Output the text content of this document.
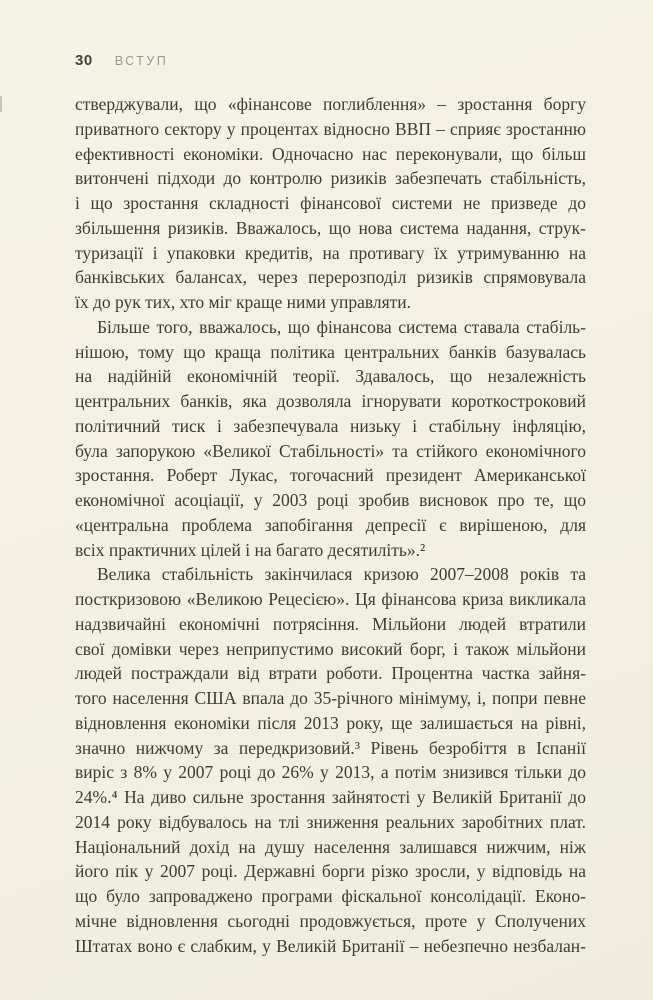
30 ВСТУП
стверджували, що «фінансове поглиблення» – зростання боргу
приватного сектору у процентах відносно ВВП – сприяє зростанню
ефективності економіки. Одночасно нас переконували, що більш
витончені підходи до контролю ризиків забезпечать стабільність,
і що зростання складності фінансової системи не призведе до
збільшення ризиків. Вважалось, що нова система надання, струк-
туризації і упаковки кредитів, на противагу їх утримуванню на
банківських балансах, через перерозподіл ризиків спрямовувала
їх до рук тих, хто міг краще ними управляти.
Більше того, вважалось, що фінансова система ставала стабіль-
нішою, тому що краща політика центральних банків базувалась
на надійній економічній теорії. Здавалось, що незалежність
центральних банків, яка дозволяла ігнорувати короткостроковий
політичний тиск і забезпечувала низьку і стабільну інфляцію,
була запорукою «Великої Стабільності» та стійкого економічного
зростання. Роберт Лукас, тогочасний президент Американської
економічної асоціації, у 2003 році зробив висновок про те, що
«центральна проблема запобігання депресії є вирішеною, для
всіх практичних цілей і на багато десятиліть».²
Велика стабільність закінчилася кризою 2007–2008 років та
посткризовою «Великою Рецесією». Ця фінансова криза викликала
надзвичайні економічні потрясіння. Мільйони людей втратили
свої домівки через неприпустимо високий борг, і також мільйони
людей постраждали від втрати роботи. Процентна частка зайня-
того населення США впала до 35-річного мінімуму, і, попри певне
відновлення економіки після 2013 року, ще залишається на рівні,
значно нижчому за передкризовий.³ Рівень безробіття в Іспанії
виріс з 8% у 2007 році до 26% у 2013, а потім знизився тільки до
24%.⁴ На диво сильне зростання зайнятості у Великій Британії до
2014 року відбувалось на тлі зниження реальних заробітних плат.
Національний дохід на душу населення залишався нижчим, ніж
його пік у 2007 році. Державні борги різко зросли, у відповідь на
що було запроваджено програми фіскальної консолідації. Еконо-
мічне відновлення сьогодні продовжується, проте у Сполучених
Штатах воно є слабким, у Великій Британії – небезпечно незбалан-
